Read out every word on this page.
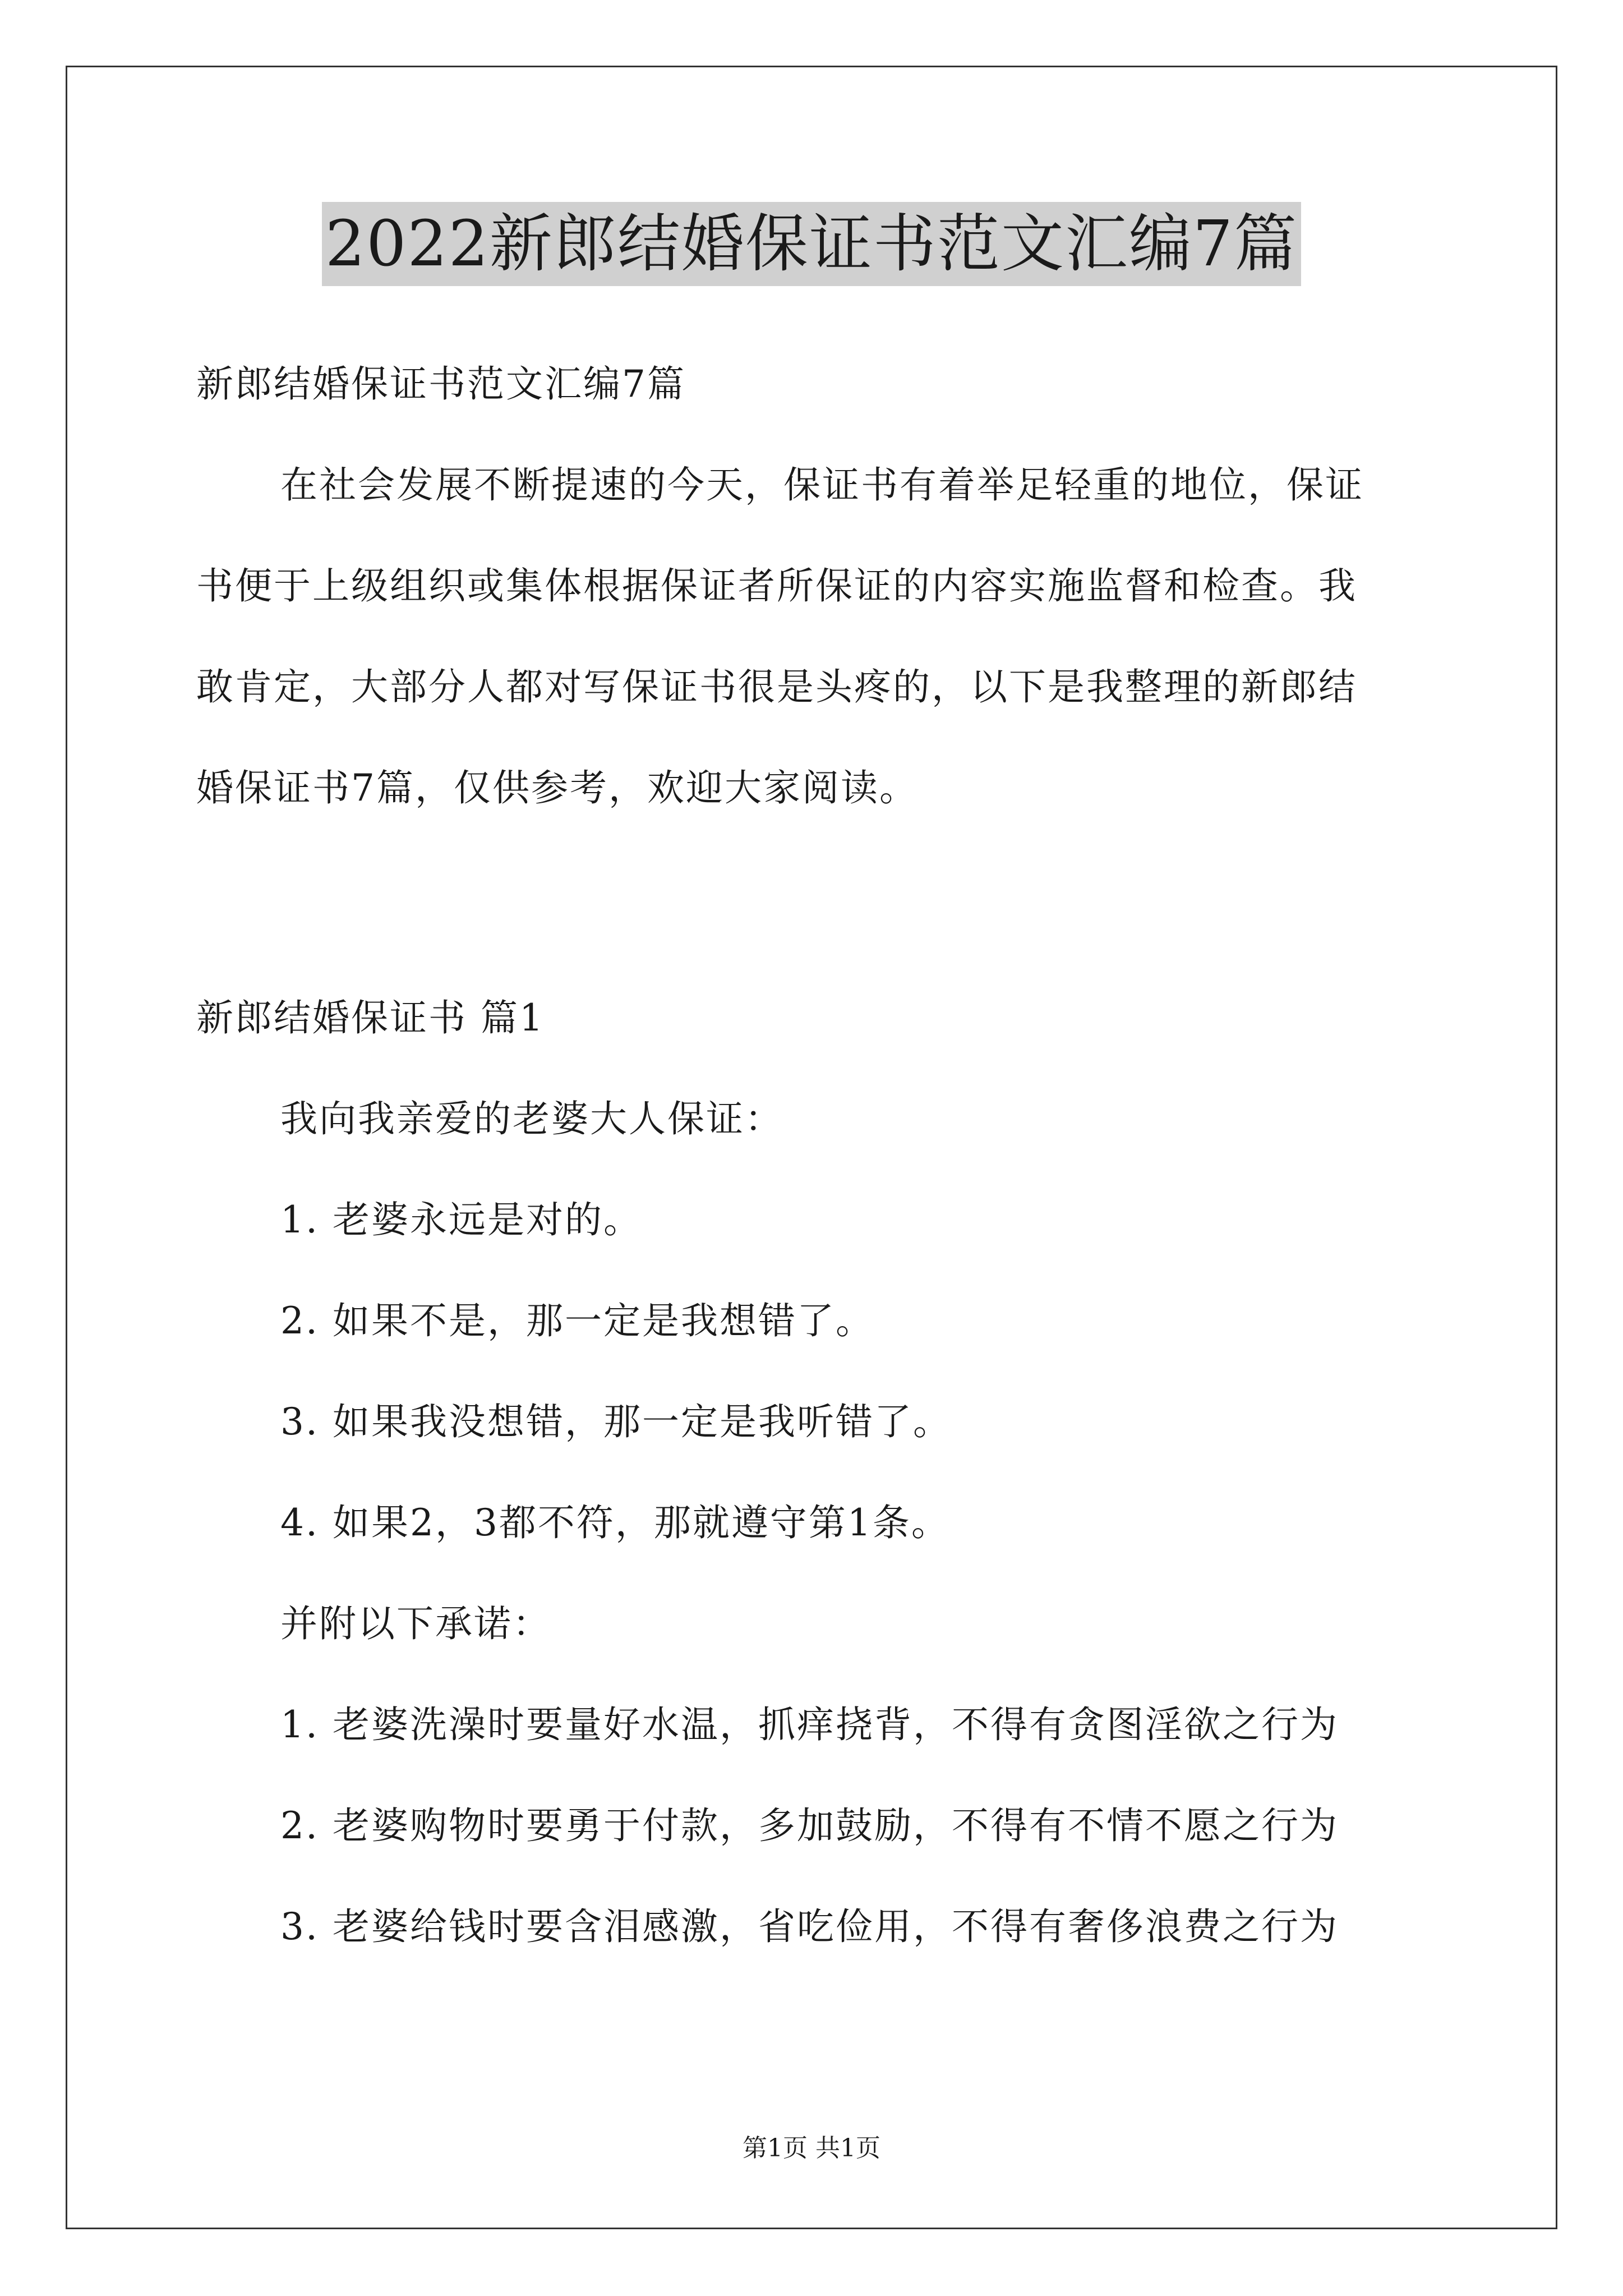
2022新郎结婚保证书范文汇编7篇
新郎结婚保证书范文汇编7篇
在社会发展不断提速的今天，保证书有着举足轻重的地位，保证
书便于上级组织或集体根据保证者所保证的内容实施监督和检查。我
敢肯定，大部分人都对写保证书很是头疼的，以下是我整理的新郎结
婚保证书7篇，仅供参考，欢迎大家阅读。
新郎结婚保证书 篇1
我向我亲爱的老婆大人保证：
1. 老婆永远是对的。
2. 如果不是，那一定是我想错了。
3. 如果我没想错，那一定是我听错了。
4. 如果2，3都不符，那就遵守第1条。
并附以下承诺：
1. 老婆洗澡时要量好水温，抓痒挠背，不得有贪图淫欲之行为
2. 老婆购物时要勇于付款，多加鼓励，不得有不情不愿之行为
3. 老婆给钱时要含泪感激，省吃俭用，不得有奢侈浪费之行为
第1页 共1页
